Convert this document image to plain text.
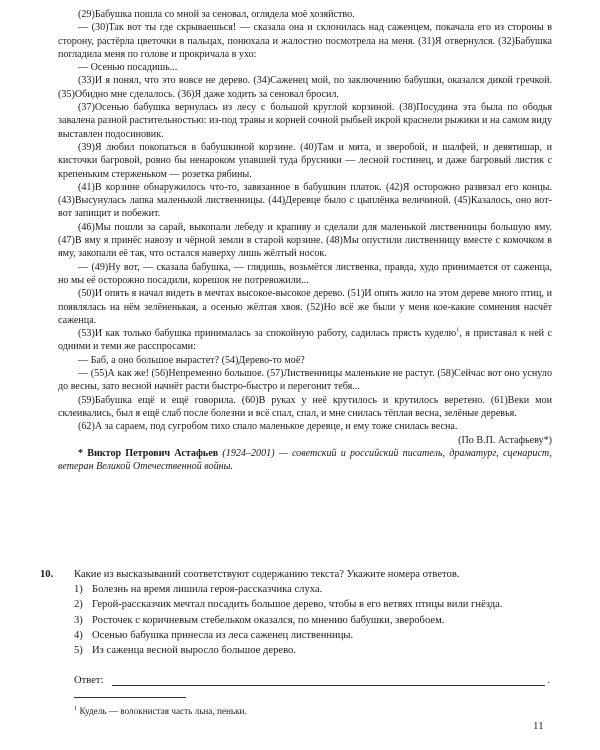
(29)Бабушка пошла со мной за сеновал, оглядела моё хозяйство.

— (30)Так вот ты где скрываешься! — сказала она и склонилась над саженцем, покачала его из стороны в сторону, растёрла цветочки в пальцах, понюхала и жалостно посмотрела на меня. (31)Я отвернулся. (32)Бабушка погладила меня по голове и прокричала в ухо:

— Осенью посадишь...

(33)И я понял, что это вовсе не дерево. (34)Саженец мой, по заключению бабушки, оказался дикой гречкой. (35)Обидно мне сделалось. (36)Я даже ходить за сеновал бросил.

(37)Осенью бабушка вернулась из лесу с большой круглой корзиной. (38)Посудина эта была по ободья завалена разной растительностью: из-под травы и корней сочной рыбьей икрой краснели рыжики и на самом виду выставлен подосиновик.

(39)Я любил покопаться в бабушкиной корзине. (40)Там и мята, и зверобой, и шалфей, и девятишар, и кисточки багровой, ровно бы ненароком упавшей туда брусники — лесной гостинец, и даже багровый листик с крепеньким стерженьком — розетка рябины.

(41)В корзине обнаружилось что-то, завязанное в бабушкин платок. (42)Я осторожно развязал его концы. (43)Высунулась лапка маленькой лиственницы. (44)Деревце было с цыплёнка величиной. (45)Казалось, оно вот-вот запищит и побежит.

(46)Мы пошли за сарай, выкопали лебеду и крапиву и сделали для маленькой лиственницы большую яму. (47)В яму я принёс навозу и чёрной земли в старой корзине. (48)Мы опустили лиственницу вместе с комочком в яму, закопали её так, что остался наверху лишь жёлтый носок.

— (49)Ну вот, — сказала бабушка, — глядишь, возьмётся лиственка, правда, худо принимается от саженца, но мы её осторожно посадили, корешок не потревожили...

(50)И опять я начал видеть в мечтах высокое-высокое дерево. (51)И опять жило на этом дереве много птиц, и появлялась на нём зелёненькая, а осенью жёлтая хвоя. (52)Но всё же были у меня кое-какие сомнения насчёт саженца.

(53)И как только бабушка принималась за спокойную работу, садилась прясть куделю$^1$, я приставал к ней с одними и теми же расспросами:

— Баб, а оно большое вырастет? (54)Дерево-то моё?

— (55)А как же! (56)Непременно большое. (57)Лиственницы маленькие не растут. (58)Сейчас вот оно уснуло до весны, зато весной начнёт расти быстро-быстро и перегонит тебя...

(59)Бабушка ещё и ещё говорила. (60)В руках у неё крутилось и крутилось веретено. (61)Веки мои склеивались, был я ещё слаб после болезни и всё спал, спал, и мне снилась тёплая весна, зелёные деревья.

(62)А за сараем, под сугробом тихо спало маленькое деревце, и ему тоже снилась весна.

(По В.П. Астафьеву*)

* Виктор Петрович Астафьев (1924–2001) — советский и российский писатель, драматург, сценарист, ветеран Великой Отечественной войны.

10.	Какие из высказываний соответствуют содержанию текста? Укажите номера ответов.
1) Болезнь на время лишила героя-рассказчика слуха.
2) Герой-рассказчик мечтал посадить большое дерево, чтобы в его ветвях птицы вили гнёзда.
3) Росточек с коричневым стебельком оказался, по мнению бабушки, зверобоем.
4) Осенью бабушка принесла из леса саженец лиственницы.
5) Из саженца весной выросло большое дерево.
Ответ:	.
$^1$ Кудель — волокнистая часть льна, пеньки.
11
